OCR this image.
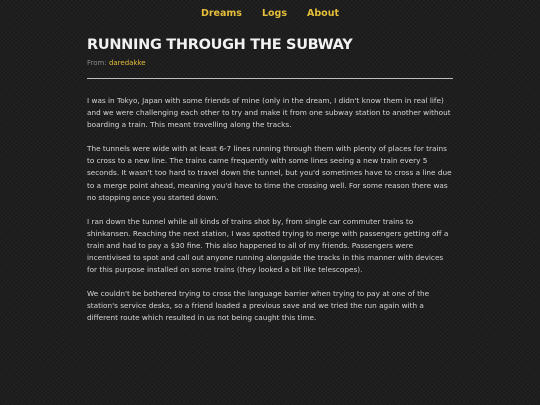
Dreams Logs About
RUNNING THROUGH THE SUBWAY
From: daredakke

I was in Tokyo, Japan with some friends of mine (only in the dream, I didn't know them in real life) and we were challenging each other to try and make it from one subway station to another without boarding a train. This meant travelling along the tracks.

The tunnels were wide with at least 6-7 lines running through them with plenty of places for trains to cross to a new line. The trains came frequently with some lines seeing a new train every 5 seconds. It wasn't too hard to travel down the tunnel, but you'd sometimes have to cross a line due to a merge point ahead, meaning you'd have to time the crossing well. For some reason there was no stopping once you started down.

I ran down the tunnel while all kinds of trains shot by, from single car commuter trains to shinkansen. Reaching the next station, I was spotted trying to merge with passengers getting off a train and had to pay a $30 fine. This also happened to all of my friends. Passengers were incentivised to spot and call out anyone running alongside the tracks in this manner with devices for this purpose installed on some trains (they looked a bit like telescopes).

We couldn't be bothered trying to cross the language barrier when trying to pay at one of the station's service desks, so a friend loaded a previous save and we tried the run again with a different route which resulted in us not being caught this time.
